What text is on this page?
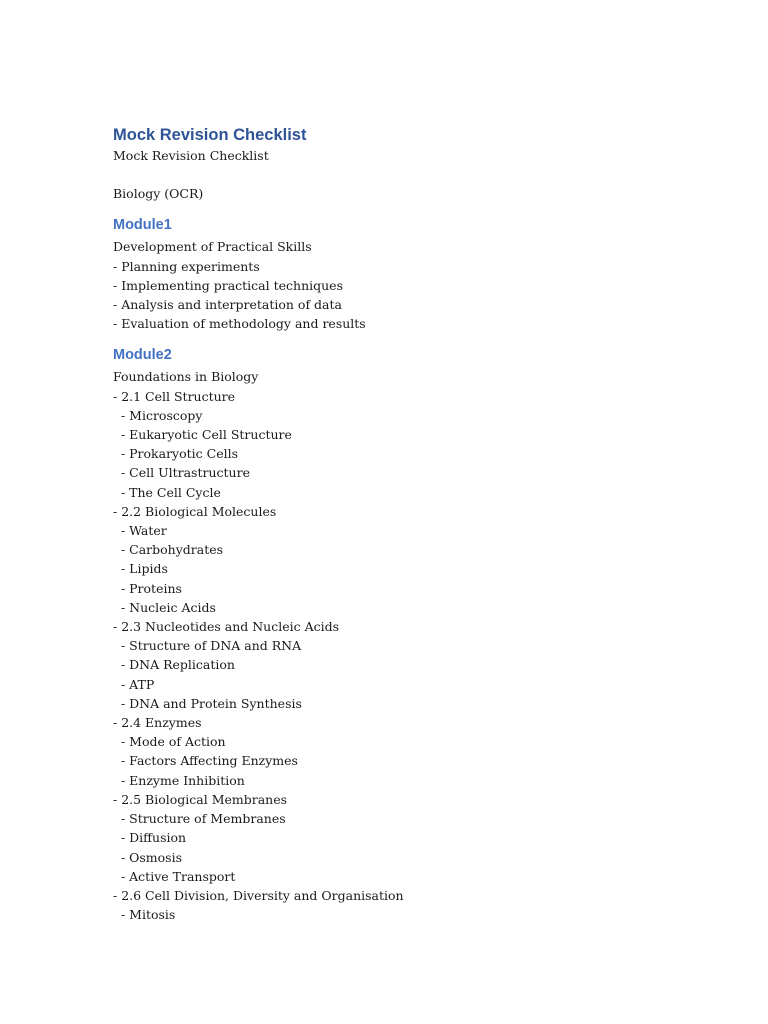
Mock Revision Checklist

Mock Revision Checklist

Biology (OCR)

Module1
Development of Practical Skills
- Planning experiments
- Implementing practical techniques
- Analysis and interpretation of data
- Evaluation of methodology and results
Module2
Foundations in Biology
- 2.1 Cell Structure
- Microscopy
- Eukaryotic Cell Structure
- Prokaryotic Cells
- Cell Ultrastructure
- The Cell Cycle
- 2.2 Biological Molecules
- Water
- Carbohydrates
- Lipids
- Proteins
- Nucleic Acids
- 2.3 Nucleotides and Nucleic Acids
- Structure of DNA and RNA
- DNA Replication
- ATP
- DNA and Protein Synthesis
- 2.4 Enzymes
- Mode of Action
- Factors Affecting Enzymes
- Enzyme Inhibition
- 2.5 Biological Membranes
- Structure of Membranes
- Diffusion
- Osmosis
- Active Transport
- 2.6 Cell Division, Diversity and Organisation
- Mitosis
